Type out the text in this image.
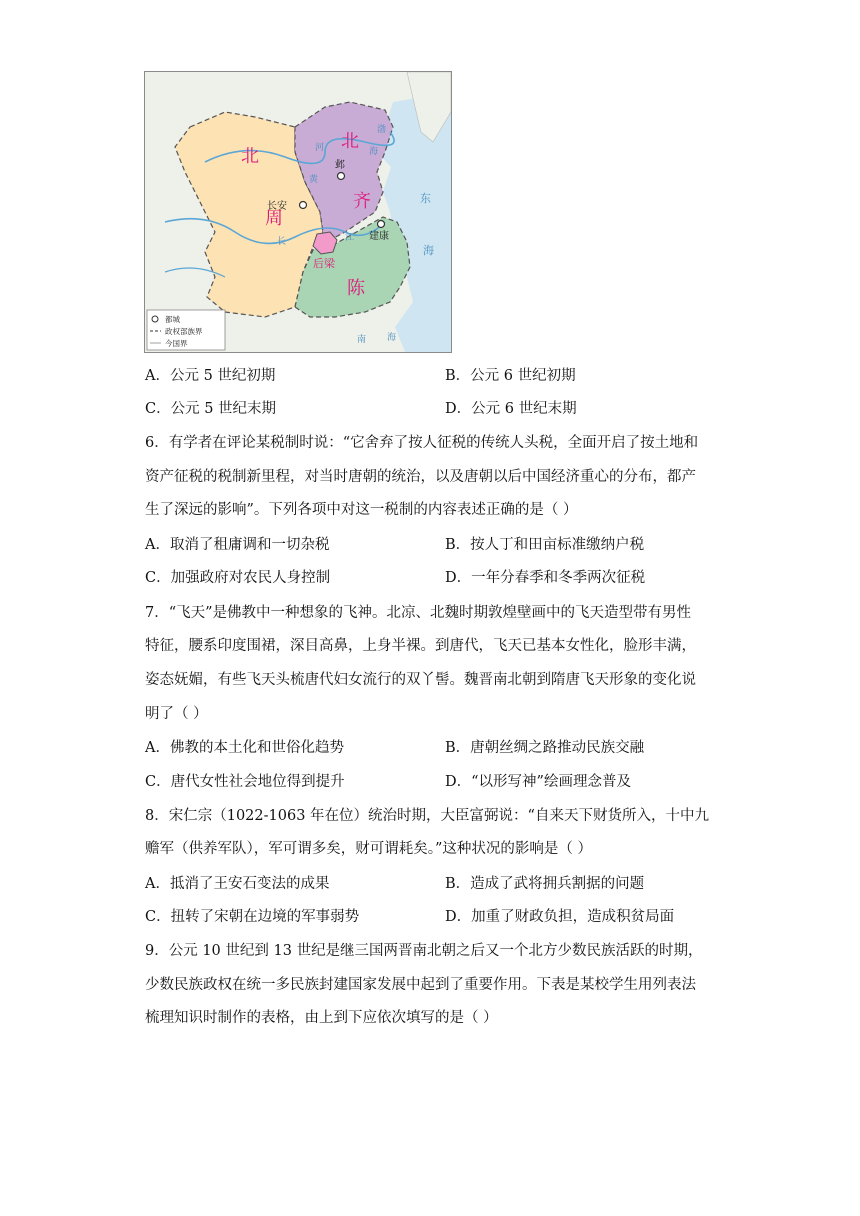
北
周
北
齐
陈
后梁
长安
邺
建康
河
黄
江
长
海
渤
东
海
南 海
都城
政权部族界
今国界
A．公元 5 世纪初期	B．公元 6 世纪初期
C．公元 5 世纪末期	D．公元 6 世纪末期
6．有学者在评论某税制时说：“它舍弃了按人征税的传统人头税，全面开启了按土地和
资产征税的税制新里程，对当时唐朝的统治，以及唐朝以后中国经济重心的分布，都产
生了深远的影响”。下列各项中对这一税制的内容表述正确的是（ ）
A．取消了租庸调和一切杂税	B．按人丁和田亩标准缴纳户税
C．加强政府对农民人身控制	D．一年分春季和冬季两次征税
7．“飞天”是佛教中一种想象的飞神。北凉、北魏时期敦煌壁画中的飞天造型带有男性
特征，腰系印度围裙，深目高鼻，上身半裸。到唐代，飞天已基本女性化，脸形丰满，
姿态妩媚，有些飞天头梳唐代妇女流行的双丫髻。魏晋南北朝到隋唐飞天形象的变化说
明了（ ）
A．佛教的本土化和世俗化趋势	B．唐朝丝绸之路推动民族交融
C．唐代女性社会地位得到提升	D．“以形写神”绘画理念普及
8．宋仁宗（1022-1063 年在位）统治时期，大臣富弼说：“自来天下财货所入，十中九
赡军（供养军队），军可谓多矣，财可谓耗矣。”这种状况的影响是（ ）
A．抵消了王安石变法的成果	B．造成了武将拥兵割据的问题
C．扭转了宋朝在边境的军事弱势	D．加重了财政负担，造成积贫局面
9．公元 10 世纪到 13 世纪是继三国两晋南北朝之后又一个北方少数民族活跃的时期，
少数民族政权在统一多民族封建国家发展中起到了重要作用。下表是某校学生用列表法
梳理知识时制作的表格，由上到下应依次填写的是（ ）
